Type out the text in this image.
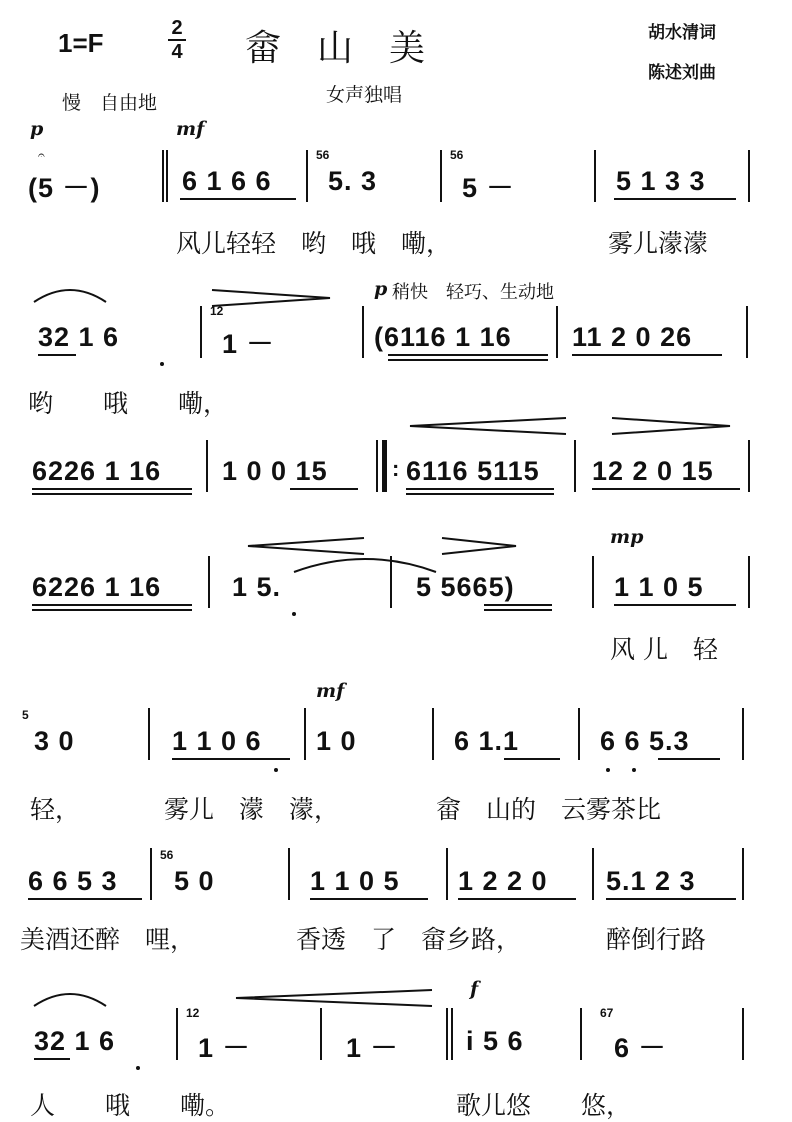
1=F	2
4 畲　山　美	胡水清词
陈述刘曲
慢　自由地	女声独唱
p	mf
𝄐
(5 －)	6 1 6 6
56
5. 3
56
5 －	5 1 3 3
风儿轻轻　哟　哦　嘞，	雾儿濛濛
p 稍快　轻巧、生动地
32 1 6
12
1 －	(6116 1 16 11 2 0 26
哟　　哦　　嘞，
6226 1 16 1 0 0 15	: 6116 5115 12 2 0 15
mp
6226 1 16	1 5.	5 5665)	1 1 0 5
风 儿　轻
mf
5
3 0	1 1 0 6 1 0	6 1.1	6 6 5.3
轻，	雾儿　濛　濛，	畲　山的　云雾茶比
6 6 5 3
56
5 0	1 1 0 5 1 2 2 0 5.1 2 3
美酒还醉　哩，	香透　了　畲乡路，	醉倒行路
f
32 1 6
12
1 －	1 － i 5 6
67
6 －
人　　哦　　嘞。	歌儿悠　　悠，
